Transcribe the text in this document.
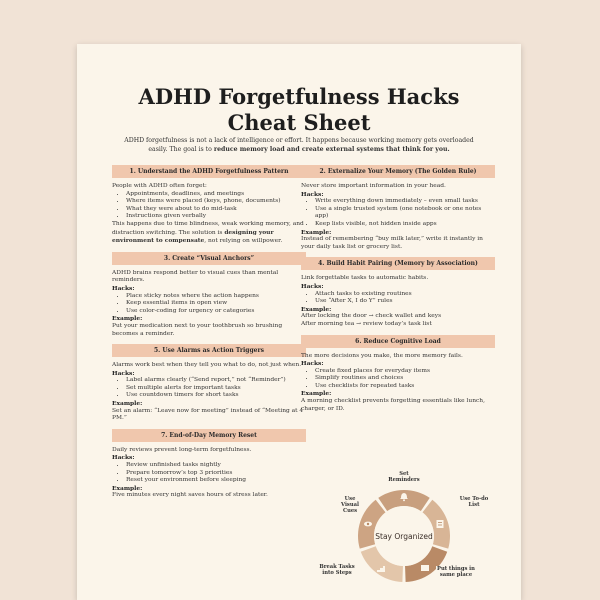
ADHD Forgetfulness Hacks
Cheat Sheet
ADHD forgetfulness is not a lack of intelligence or effort. It happens because working memory gets overloaded easily. The goal is to reduce memory load and create external systems that think for you.
1. Understand the ADHD Forgetfulness Pattern
People with ADHD often forget:
• Appointments, deadlines, and meetings
• Where items were placed (keys, phone, documents)
• What they were about to do mid-task
• Instructions given verbally
This happens due to time blindness, weak working memory, and distraction switching. The solution is designing your environment to compensate, not relying on willpower.
3. Create “Visual Anchors”
ADHD brains respond better to visual cues than mental reminders.
Hacks:
• Place sticky notes where the action happens
• Keep essential items in open view
• Use color-coding for urgency or categories
Example:
Put your medication next to your toothbrush so brushing becomes a reminder.
5. Use Alarms as Action Triggers
Alarms work best when they tell you what to do, not just when.
Hacks:
• Label alarms clearly (“Send report,” not “Reminder”)
• Set multiple alerts for important tasks
• Use countdown timers for short tasks
Example:
Set an alarm: “Leave now for meeting” instead of “Meeting at 4 PM.”
7. End-of-Day Memory Reset
Daily reviews prevent long-term forgetfulness.
Hacks:
• Review unfinished tasks nightly
• Prepare tomorrow’s top 3 priorities
• Reset your environment before sleeping
Example:
Five minutes every night saves hours of stress later.
2. Externalize Your Memory (The Golden Rule)
Never store important information in your head.
Hacks:
• Write everything down immediately – even small tasks
• Use a single trusted system (one notebook or one notes app)
• Keep lists visible, not hidden inside apps
Example:
Instead of remembering “buy milk later,” write it instantly in your daily task list or grocery list.
4. Build Habit Pairing (Memory by Association)
Link forgettable tasks to automatic habits.
Hacks:
• Attach tasks to existing routines
• Use “After X, I do Y” rules
Example:
After locking the door → check wallet and keys
After morning tea → review today’s task list
6. Reduce Cognitive Load
The more decisions you make, the more memory fails.
Hacks:
• Create fixed places for everyday items
• Simplify routines and choices
• Use checklists for repeated tasks
Example:
A morning checklist prevents forgetting essentials like lunch, charger, or ID.
Stay Organized
Set Reminders
Use To-do List
Put things in same place
Break Tasks into Steps
Use Visual Cues
